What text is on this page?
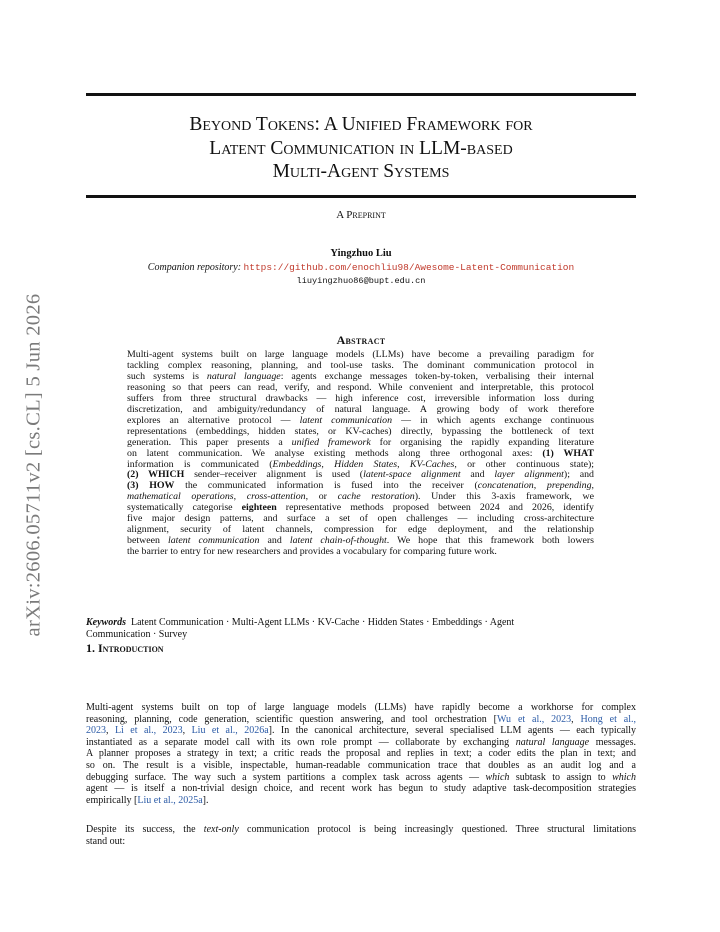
arXiv:2606.05711v2 [cs.CL] 5 Jun 2026
Beyond Tokens: A Unified Framework for
Latent Communication in LLM-based
Multi-Agent Systems
A Preprint
Yingzhuo Liu
Companion repository: https://github.com/enochliu98/Awesome-Latent-Communication
liuyingzhuo86@bupt.edu.cn
Abstract
Multi-agent systems built on large language models (LLMs) have become a prevailing paradigm for
tackling complex reasoning, planning, and tool-use tasks. The dominant communication protocol in
such systems is natural language: agents exchange messages token-by-token, verbalising their internal
reasoning so that peers can read, verify, and respond. While convenient and interpretable, this protocol
suffers from three structural drawbacks — high inference cost, irreversible information loss during
discretization, and ambiguity/redundancy of natural language. A growing body of work therefore
explores an alternative protocol — latent communication — in which agents exchange continuous
representations (embeddings, hidden states, or KV-caches) directly, bypassing the bottleneck of text
generation. This paper presents a unified framework for organising the rapidly expanding literature
on latent communication. We analyse existing methods along three orthogonal axes: (1) WHAT
information is communicated (Embeddings, Hidden States, KV-Caches, or other continuous state);
(2) WHICH sender–receiver alignment is used (latent-space alignment and layer alignment); and
(3) HOW the communicated information is fused into the receiver (concatenation, prepending,
mathematical operations, cross-attention, or cache restoration). Under this 3-axis framework, we
systematically categorise eighteen representative methods proposed between 2024 and 2026, identify
five major design patterns, and surface a set of open challenges — including cross-architecture
alignment, security of latent channels, compression for edge deployment, and the relationship
between latent communication and latent chain-of-thought. We hope that this framework both lowers
the barrier to entry for new researchers and provides a vocabulary for comparing future work.
Keywords Latent Communication · Multi-Agent LLMs · KV-Cache · Hidden States · Embeddings · Agent
Communication · Survey
1. Introduction
Multi-agent systems built on top of large language models (LLMs) have rapidly become a workhorse for complex
reasoning, planning, code generation, scientific question answering, and tool orchestration [Wu et al., 2023, Hong et al.,
2023, Li et al., 2023, Liu et al., 2026a]. In the canonical architecture, several specialised LLM agents — each typically
instantiated as a separate model call with its own role prompt — collaborate by exchanging natural language messages.
A planner proposes a strategy in text; a critic reads the proposal and replies in text; a coder edits the plan in text; and
so on. The result is a visible, inspectable, human-readable communication trace that doubles as an audit log and a
debugging surface. The way such a system partitions a complex task across agents — which subtask to assign to which
agent — is itself a non-trivial design choice, and recent work has begun to study adaptive task-decomposition strategies
empirically [Liu et al., 2025a].
Despite its success, the text-only communication protocol is being increasingly questioned. Three structural limitations
stand out:
